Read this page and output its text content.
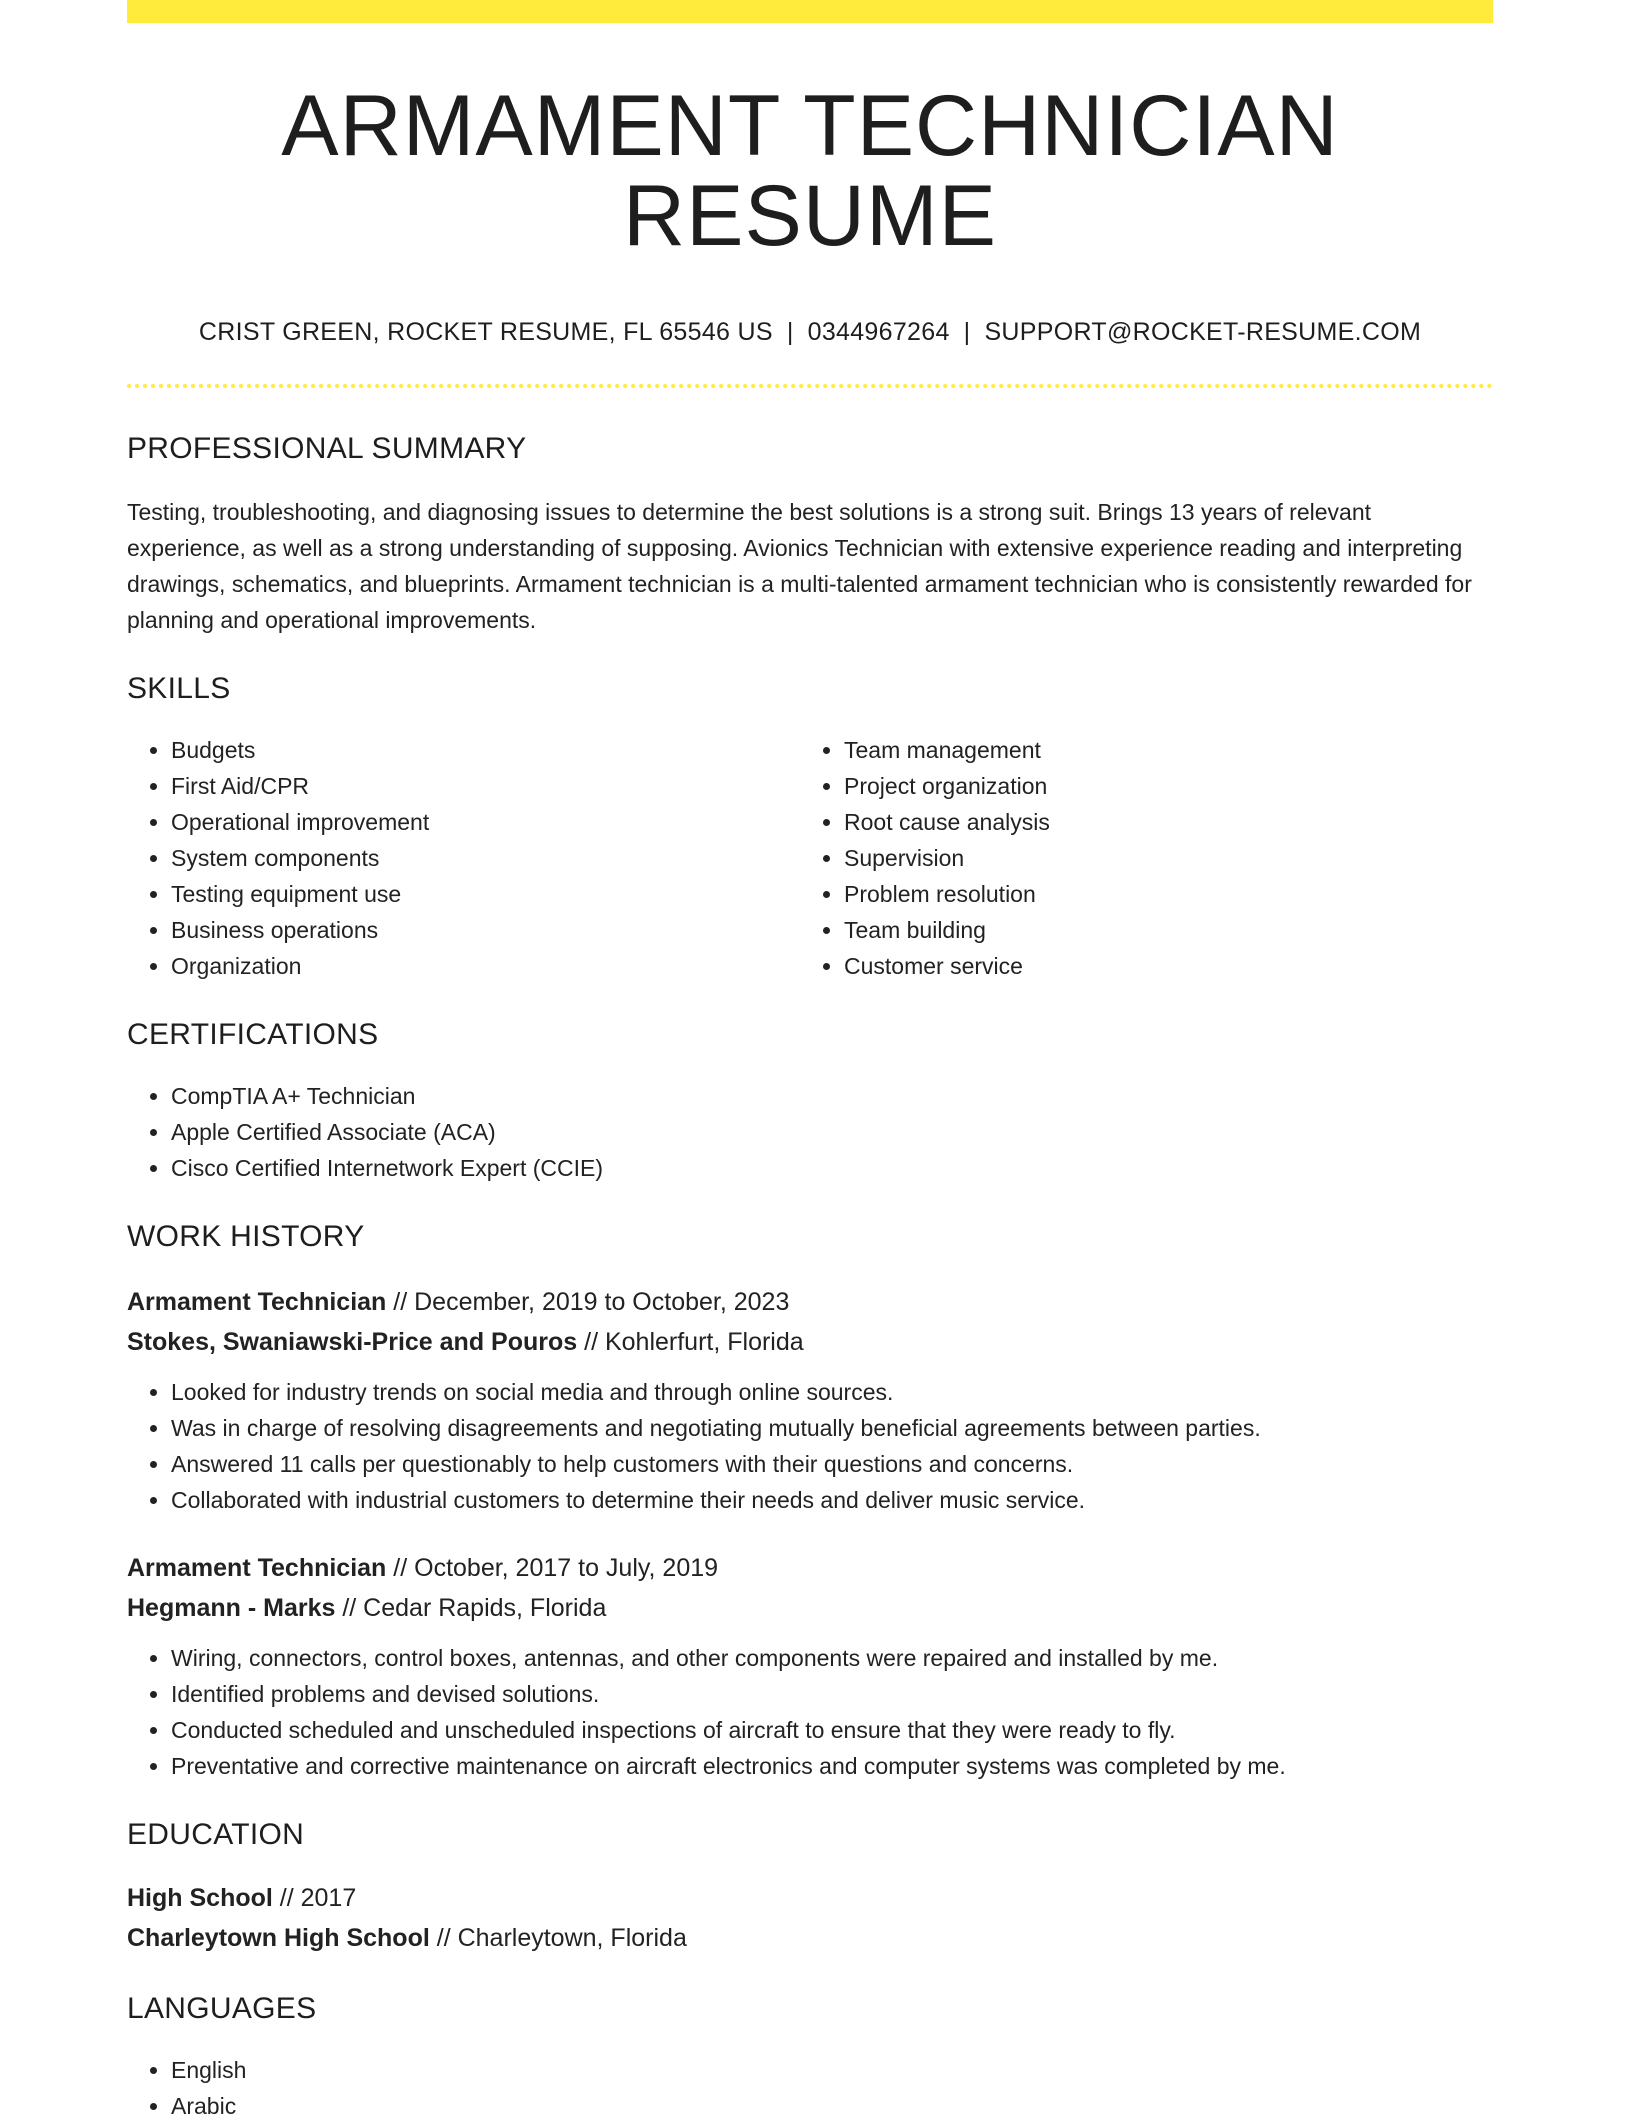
ARMAMENT TECHNICIAN RESUME
CRIST GREEN, ROCKET RESUME, FL 65546 US | 0344967264 | SUPPORT@ROCKET-RESUME.COM
PROFESSIONAL SUMMARY

Testing, troubleshooting, and diagnosing issues to determine the best solutions is a strong suit. Brings 13 years of relevant experience, as well as a strong understanding of supposing. Avionics Technician with extensive experience reading and interpreting drawings, schematics, and blueprints. Armament technician is a multi-talented armament technician who is consistently rewarded for planning and operational improvements.

SKILLS
• Budgets
• First Aid/CPR
• Operational improvement
• System components
• Testing equipment use
• Business operations
• Organization
• Team management
• Project organization
• Root cause analysis
• Supervision
• Problem resolution
• Team building
• Customer service
CERTIFICATIONS
• CompTIA A+ Technician
• Apple Certified Associate (ACA)
• Cisco Certified Internetwork Expert (CCIE)
WORK HISTORY
Armament Technician // December, 2019 to October, 2023
Stokes, Swaniawski-Price and Pouros // Kohlerfurt, Florida
• Looked for industry trends on social media and through online sources.
• Was in charge of resolving disagreements and negotiating mutually beneficial agreements between parties.
• Answered 11 calls per questionably to help customers with their questions and concerns.
• Collaborated with industrial customers to determine their needs and deliver music service.
Armament Technician // October, 2017 to July, 2019
Hegmann - Marks // Cedar Rapids, Florida
• Wiring, connectors, control boxes, antennas, and other components were repaired and installed by me.
• Identified problems and devised solutions.
• Conducted scheduled and unscheduled inspections of aircraft to ensure that they were ready to fly.
• Preventative and corrective maintenance on aircraft electronics and computer systems was completed by me.
EDUCATION
High School // 2017
Charleytown High School // Charleytown, Florida
LANGUAGES
• English
• Arabic
